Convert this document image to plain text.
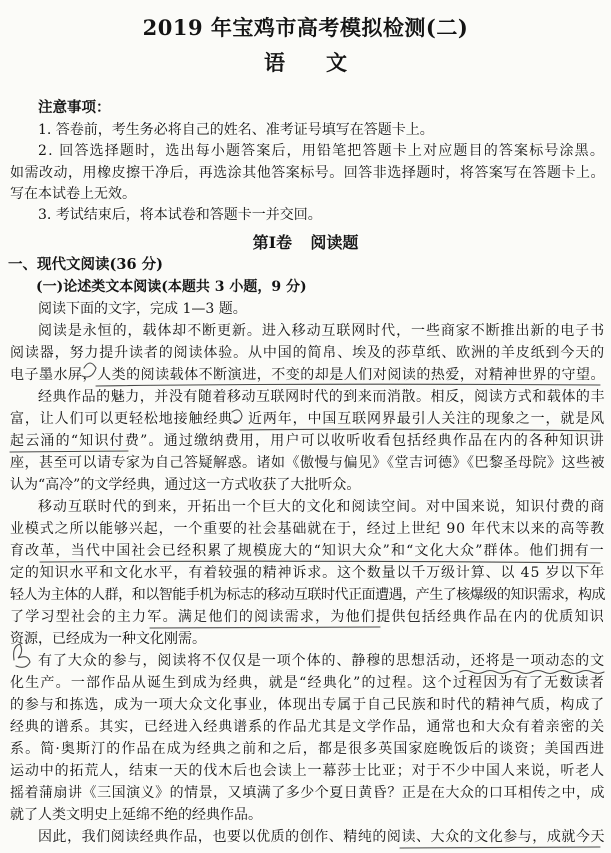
2019 年宝鸡市高考模拟检测(二)
语 文
注意事项：
1. 答卷前，考生务必将自己的姓名、准考证号填写在答题卡上。
2. 回答选择题时，选出每小题答案后，用铅笔把答题卡上对应题目的答案标号涂黑。
如需改动，用橡皮擦干净后，再选涂其他答案标号。回答非选择题时，将答案写在答题卡上。
写在本试卷上无效。
3. 考试结束后，将本试卷和答题卡一并交回。
第Ⅰ卷 阅读题
一、现代文阅读(36 分)
(一)论述类文本阅读(本题共 3 小题，9 分)
阅读下面的文字，完成 1—3 题。
阅读是永恒的，载体却不断更新。进入移动互联网时代，一些商家不断推出新的电子书
阅读器，努力提升读者的阅读体验。从中国的简帛、埃及的莎草纸、欧洲的羊皮纸到今天的
电子墨水屏，人类的阅读载体不断演进，不变的却是人们对阅读的热爱，对精神世界的守望。
经典作品的魅力，并没有随着移动互联网时代的到来而消散。相反，阅读方式和载体的丰
富，让人们可以更轻松地接触经典。近两年，中国互联网界最引人关注的现象之一，就是风
起云涌的“知识付费”。通过缴纳费用，用户可以收听收看包括经典作品在内的各种知识讲
座，甚至可以请专家为自己答疑解惑。诸如《傲慢与偏见》《堂吉诃德》《巴黎圣母院》这些被
认为“高冷”的文学经典，通过这一方式收获了大批听众。
移动互联时代的到来，开拓出一个巨大的文化和阅读空间。对中国来说，知识付费的商
业模式之所以能够兴起，一个重要的社会基础就在于，经过上世纪 90 年代末以来的高等教
育改革，当代中国社会已经积累了规模庞大的“知识大众”和“文化大众”群体。他们拥有一
定的知识水平和文化水平，有着较强的精神诉求。这个数量以千万级计算、以 45 岁以下年
轻人为主体的人群，和以智能手机为标志的移动互联时代正面遭遇，产生了核爆级的知识需求，构成
了学习型社会的主力军。满足他们的阅读需求，为他们提供包括经典作品在内的优质知识
资源，已经成为一种文化刚需。
有了大众的参与，阅读将不仅仅是一项个体的、静穆的思想活动，还将是一项动态的文
化生产。一部作品从诞生到成为经典，就是“经典化”的过程。这个过程因为有了无数读者
的参与和拣选，成为一项大众文化事业，体现出专属于自己民族和时代的精神气质，构成了
经典的谱系。其实，已经进入经典谱系的作品尤其是文学作品，通常也和大众有着亲密的关
系。简·奥斯汀的作品在成为经典之前和之后，都是很多英国家庭晚饭后的谈资；美国西进
运动中的拓荒人，结束一天的伐木后也会读上一幕莎士比亚；对于不少中国人来说，听老人
摇着蒲扇讲《三国演义》的情景，又填满了多少个夏日黄昏？正是在大众的口耳相传之中，成
就了人类文明史上延绵不绝的经典作品。
因此，我们阅读经典作品，也要以优质的创作、精纯的阅读、大众的文化参与，成就今天
